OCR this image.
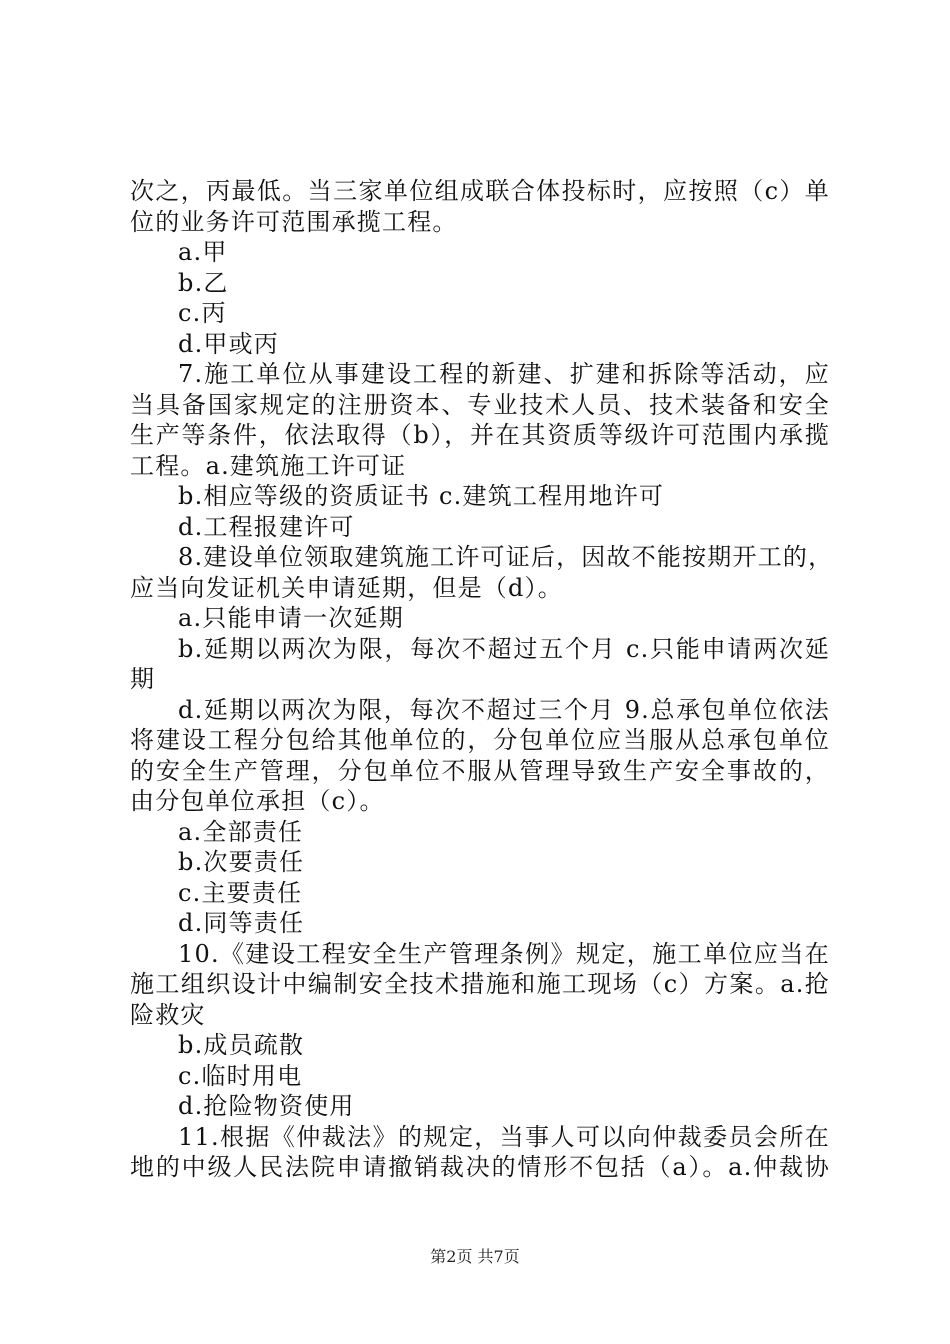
次之，丙最低。当三家单位组成联合体投标时，应按照（c）单
位的业务许可范围承揽工程。
a.甲
b.乙
c.丙
d.甲或丙
7.施工单位从事建设工程的新建、扩建和拆除等活动，应
当具备国家规定的注册资本、专业技术人员、技术装备和安全
生产等条件，依法取得（b），并在其资质等级许可范围内承揽
工程。a.建筑施工许可证
b.相应等级的资质证书 c.建筑工程用地许可
d.工程报建许可
8.建设单位领取建筑施工许可证后，因故不能按期开工的，
应当向发证机关申请延期，但是（d）。
a.只能申请一次延期
b.延期以两次为限，每次不超过五个月 c.只能申请两次延
期
d.延期以两次为限，每次不超过三个月 9.总承包单位依法
将建设工程分包给其他单位的，分包单位应当服从总承包单位
的安全生产管理，分包单位不服从管理导致生产安全事故的，
由分包单位承担（c）。
a.全部责任
b.次要责任
c.主要责任
d.同等责任
10.《建设工程安全生产管理条例》规定，施工单位应当在
施工组织设计中编制安全技术措施和施工现场（c）方案。a.抢
险救灾
b.成员疏散
c.临时用电
d.抢险物资使用
11.根据《仲裁法》的规定，当事人可以向仲裁委员会所在
地的中级人民法院申请撤销裁决的情形不包括（a）。a.仲裁协
第2页 共7页
